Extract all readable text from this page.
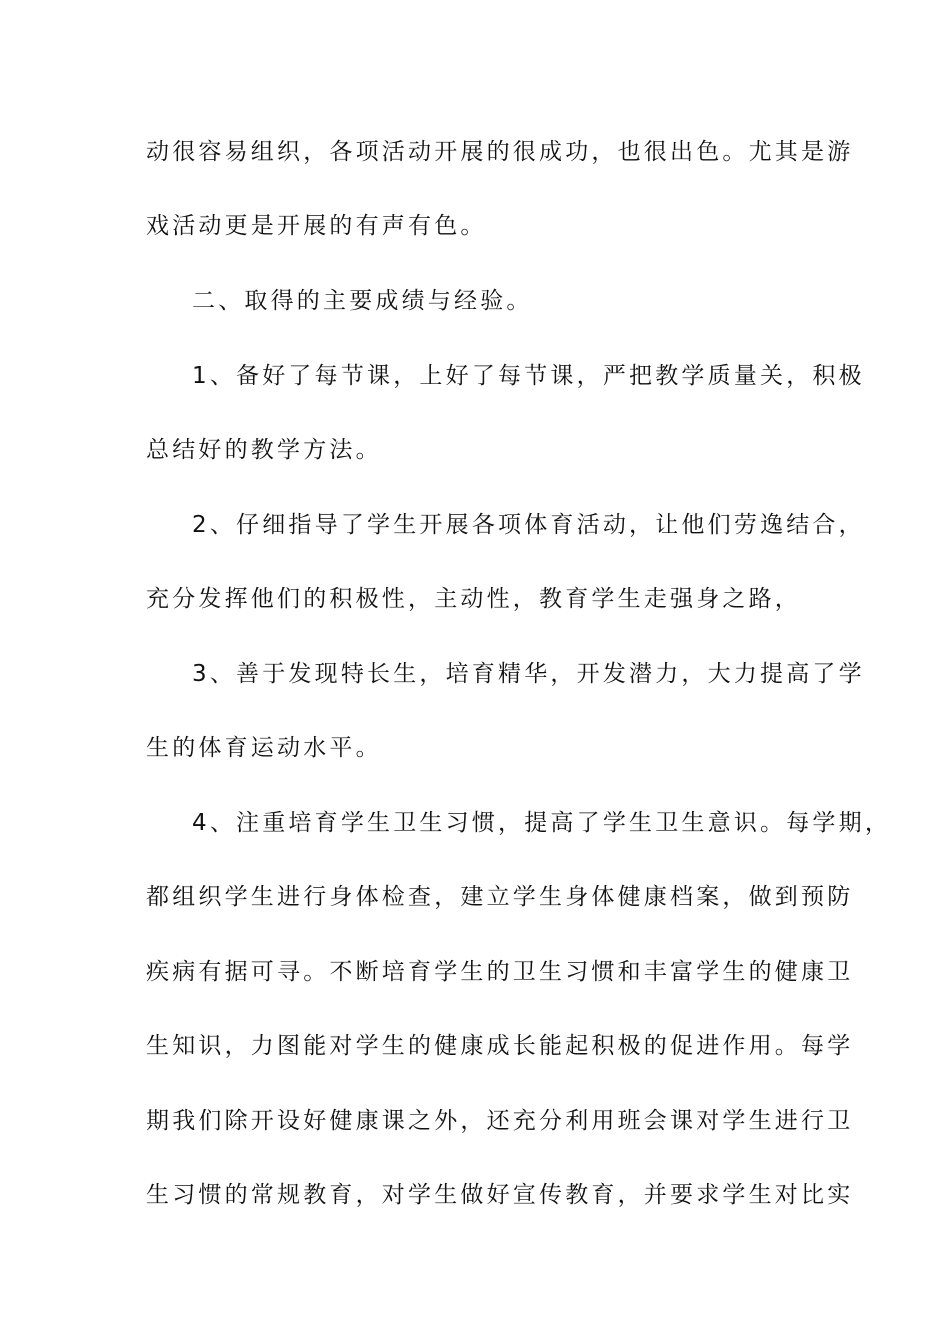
动很容易组织，各项活动开展的很成功，也很出色。尤其是游
戏活动更是开展的有声有色。
二、取得的主要成绩与经验。
1、备好了每节课，上好了每节课，严把教学质量关，积极
总结好的教学方法。
2、仔细指导了学生开展各项体育活动，让他们劳逸结合，
充分发挥他们的积极性，主动性，教育学生走强身之路，
3、善于发现特长生，培育精华，开发潜力，大力提高了学
生的体育运动水平。
4、注重培育学生卫生习惯，提高了学生卫生意识。每学期，
都组织学生进行身体检查，建立学生身体健康档案，做到预防
疾病有据可寻。不断培育学生的卫生习惯和丰富学生的健康卫
生知识，力图能对学生的健康成长能起积极的促进作用。每学
期我们除开设好健康课之外，还充分利用班会课对学生进行卫
生习惯的常规教育，对学生做好宣传教育，并要求学生对比实
